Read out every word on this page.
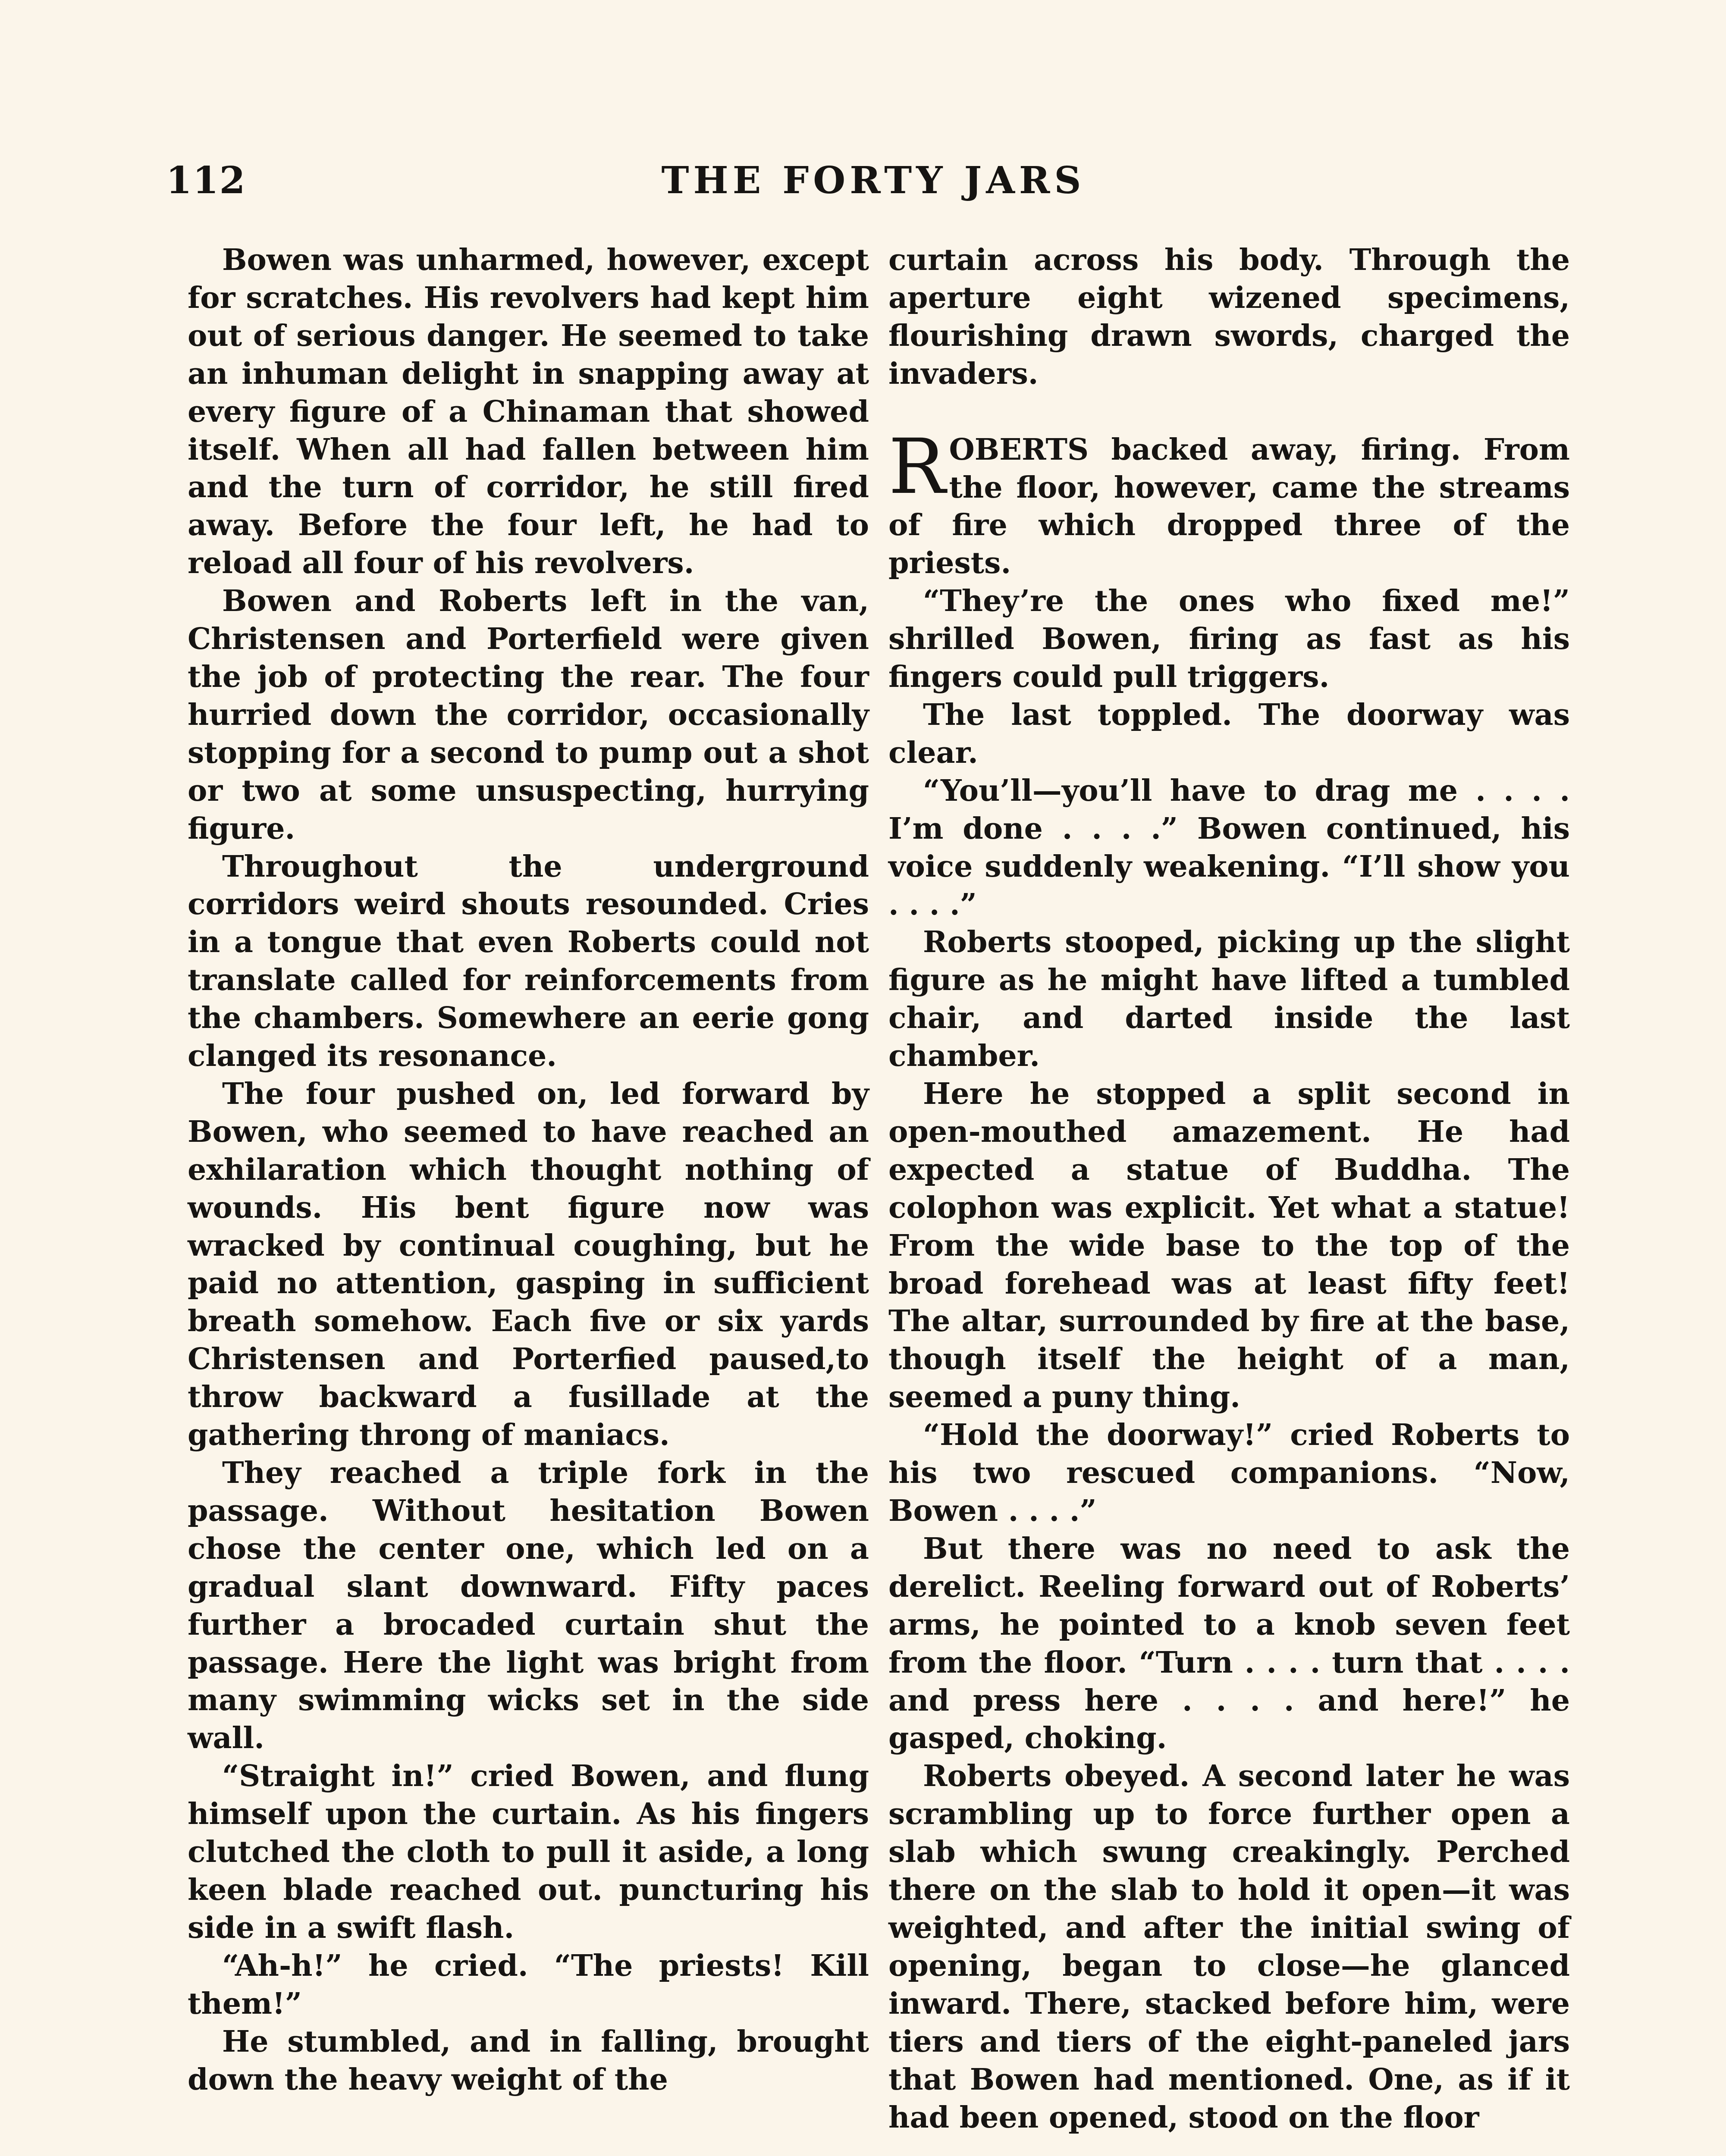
112	THE FORTY JARS

Bowen was unharmed, however, except for scratches. His revolvers had kept him out of serious danger. He seemed to take an inhuman delight in snapping away at every figure of a Chinaman that showed itself. When all had fallen between him and the turn of corridor, he still fired away. Before the four left, he had to reload all four of his revolvers.

Bowen and Roberts left in the van, Christensen and Porterfield were given the job of protecting the rear. The four hurried down the corridor, occasionally stopping for a second to pump out a shot or two at some unsuspecting, hurrying figure.

Throughout the underground corridors weird shouts resounded. Cries in a tongue that even Roberts could not translate called for reinforcements from the chambers. Somewhere an eerie gong clanged its resonance.

The four pushed on, led forward by Bowen, who seemed to have reached an exhilaration which thought nothing of wounds. His bent figure now was wracked by continual coughing, but he paid no attention, gasping in sufficient breath somehow. Each five or six yards Christensen and Porterfied paused,to throw backward a fusillade at the gathering throng of maniacs.

They reached a triple fork in the passage. Without hesitation Bowen chose the center one, which led on a gradual slant downward. Fifty paces further a brocaded curtain shut the passage. Here the light was bright from many swimming wicks set in the side wall.

“Straight in!” cried Bowen, and flung himself upon the curtain. As his fingers clutched the cloth to pull it aside, a long keen blade reached out. puncturing his side in a swift flash.

“Ah-h!” he cried. “The priests! Kill them!”

He stumbled, and in falling, brought down the heavy weight of the

curtain across his body. Through the aperture eight wizened specimens, flourishing drawn swords, charged the invaders.

ROBERTS backed away, firing. From the floor, however, came the streams of fire which dropped three of the priests.

“They’re the ones who fixed me!” shrilled Bowen, firing as fast as his fingers could pull triggers.

The last toppled. The doorway was clear.

“You’ll—you’ll have to drag me . . . . I’m done . . . .” Bowen continued, his voice suddenly weakening. “I’ll show you . . . .”

Roberts stooped, picking up the slight figure as he might have lifted a tumbled chair, and darted inside the last chamber.

Here he stopped a split second in open-mouthed amazement. He had expected a statue of Buddha. The colophon was explicit. Yet what a statue! From the wide base to the top of the broad forehead was at least fifty feet! The altar, surrounded by fire at the base, though itself the height of a man, seemed a puny thing.

“Hold the doorway!” cried Roberts to his two rescued companions. “Now, Bowen . . . .”

But there was no need to ask the derelict. Reeling forward out of Roberts’ arms, he pointed to a knob seven feet from the floor. “Turn . . . . turn that . . . . and press here . . . . and here!” he gasped, choking.

Roberts obeyed. A second later he was scrambling up to force further open a slab which swung creakingly. Perched there on the slab to hold it open—it was weighted, and after the initial swing of opening, began to close—he glanced inward. There, stacked before him, were tiers and tiers of the eight-paneled jars that Bowen had mentioned. One, as if it had been opened, stood on the floor
